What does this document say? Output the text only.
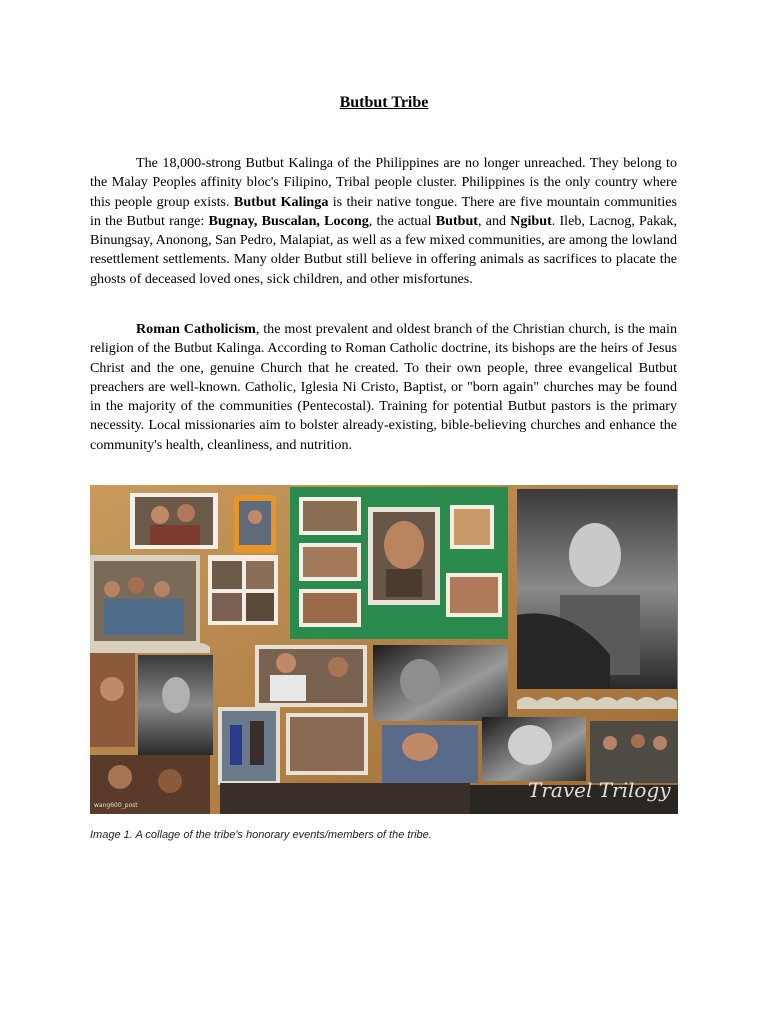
Butbut Tribe

The 18,000-strong Butbut Kalinga of the Philippines are no longer unreached. They belong to the Malay Peoples affinity bloc's Filipino, Tribal people cluster. Philippines is the only country where this people group exists. Butbut Kalinga is their native tongue. There are five mountain communities in the Butbut range: Bugnay, Buscalan, Locong, the actual Butbut, and Ngibut. Ileb, Lacnog, Pakak, Binungsay, Anonong, San Pedro, Malapiat, as well as a few mixed communities, are among the lowland resettlement settlements. Many older Butbut still believe in offering animals as sacrifices to placate the ghosts of deceased loved ones, sick children, and other misfortunes.

Roman Catholicism, the most prevalent and oldest branch of the Christian church, is the main religion of the Butbut Kalinga. According to Roman Catholic doctrine, its bishops are the heirs of Jesus Christ and the one, genuine Church that he created. To their own people, three evangelical Butbut preachers are well-known. Catholic, Iglesia Ni Cristo, Baptist, or "born again" churches may be found in the majority of the communities (Pentecostal). Training for potential Butbut pastors is the primary necessity. Local missionaries aim to bolster already-existing, bible-believing churches and enhance the community's health, cleanliness, and nutrition.

Travel Trilogy
wang600_post
Image 1. A collage of the tribe's honorary events/members of the tribe.
